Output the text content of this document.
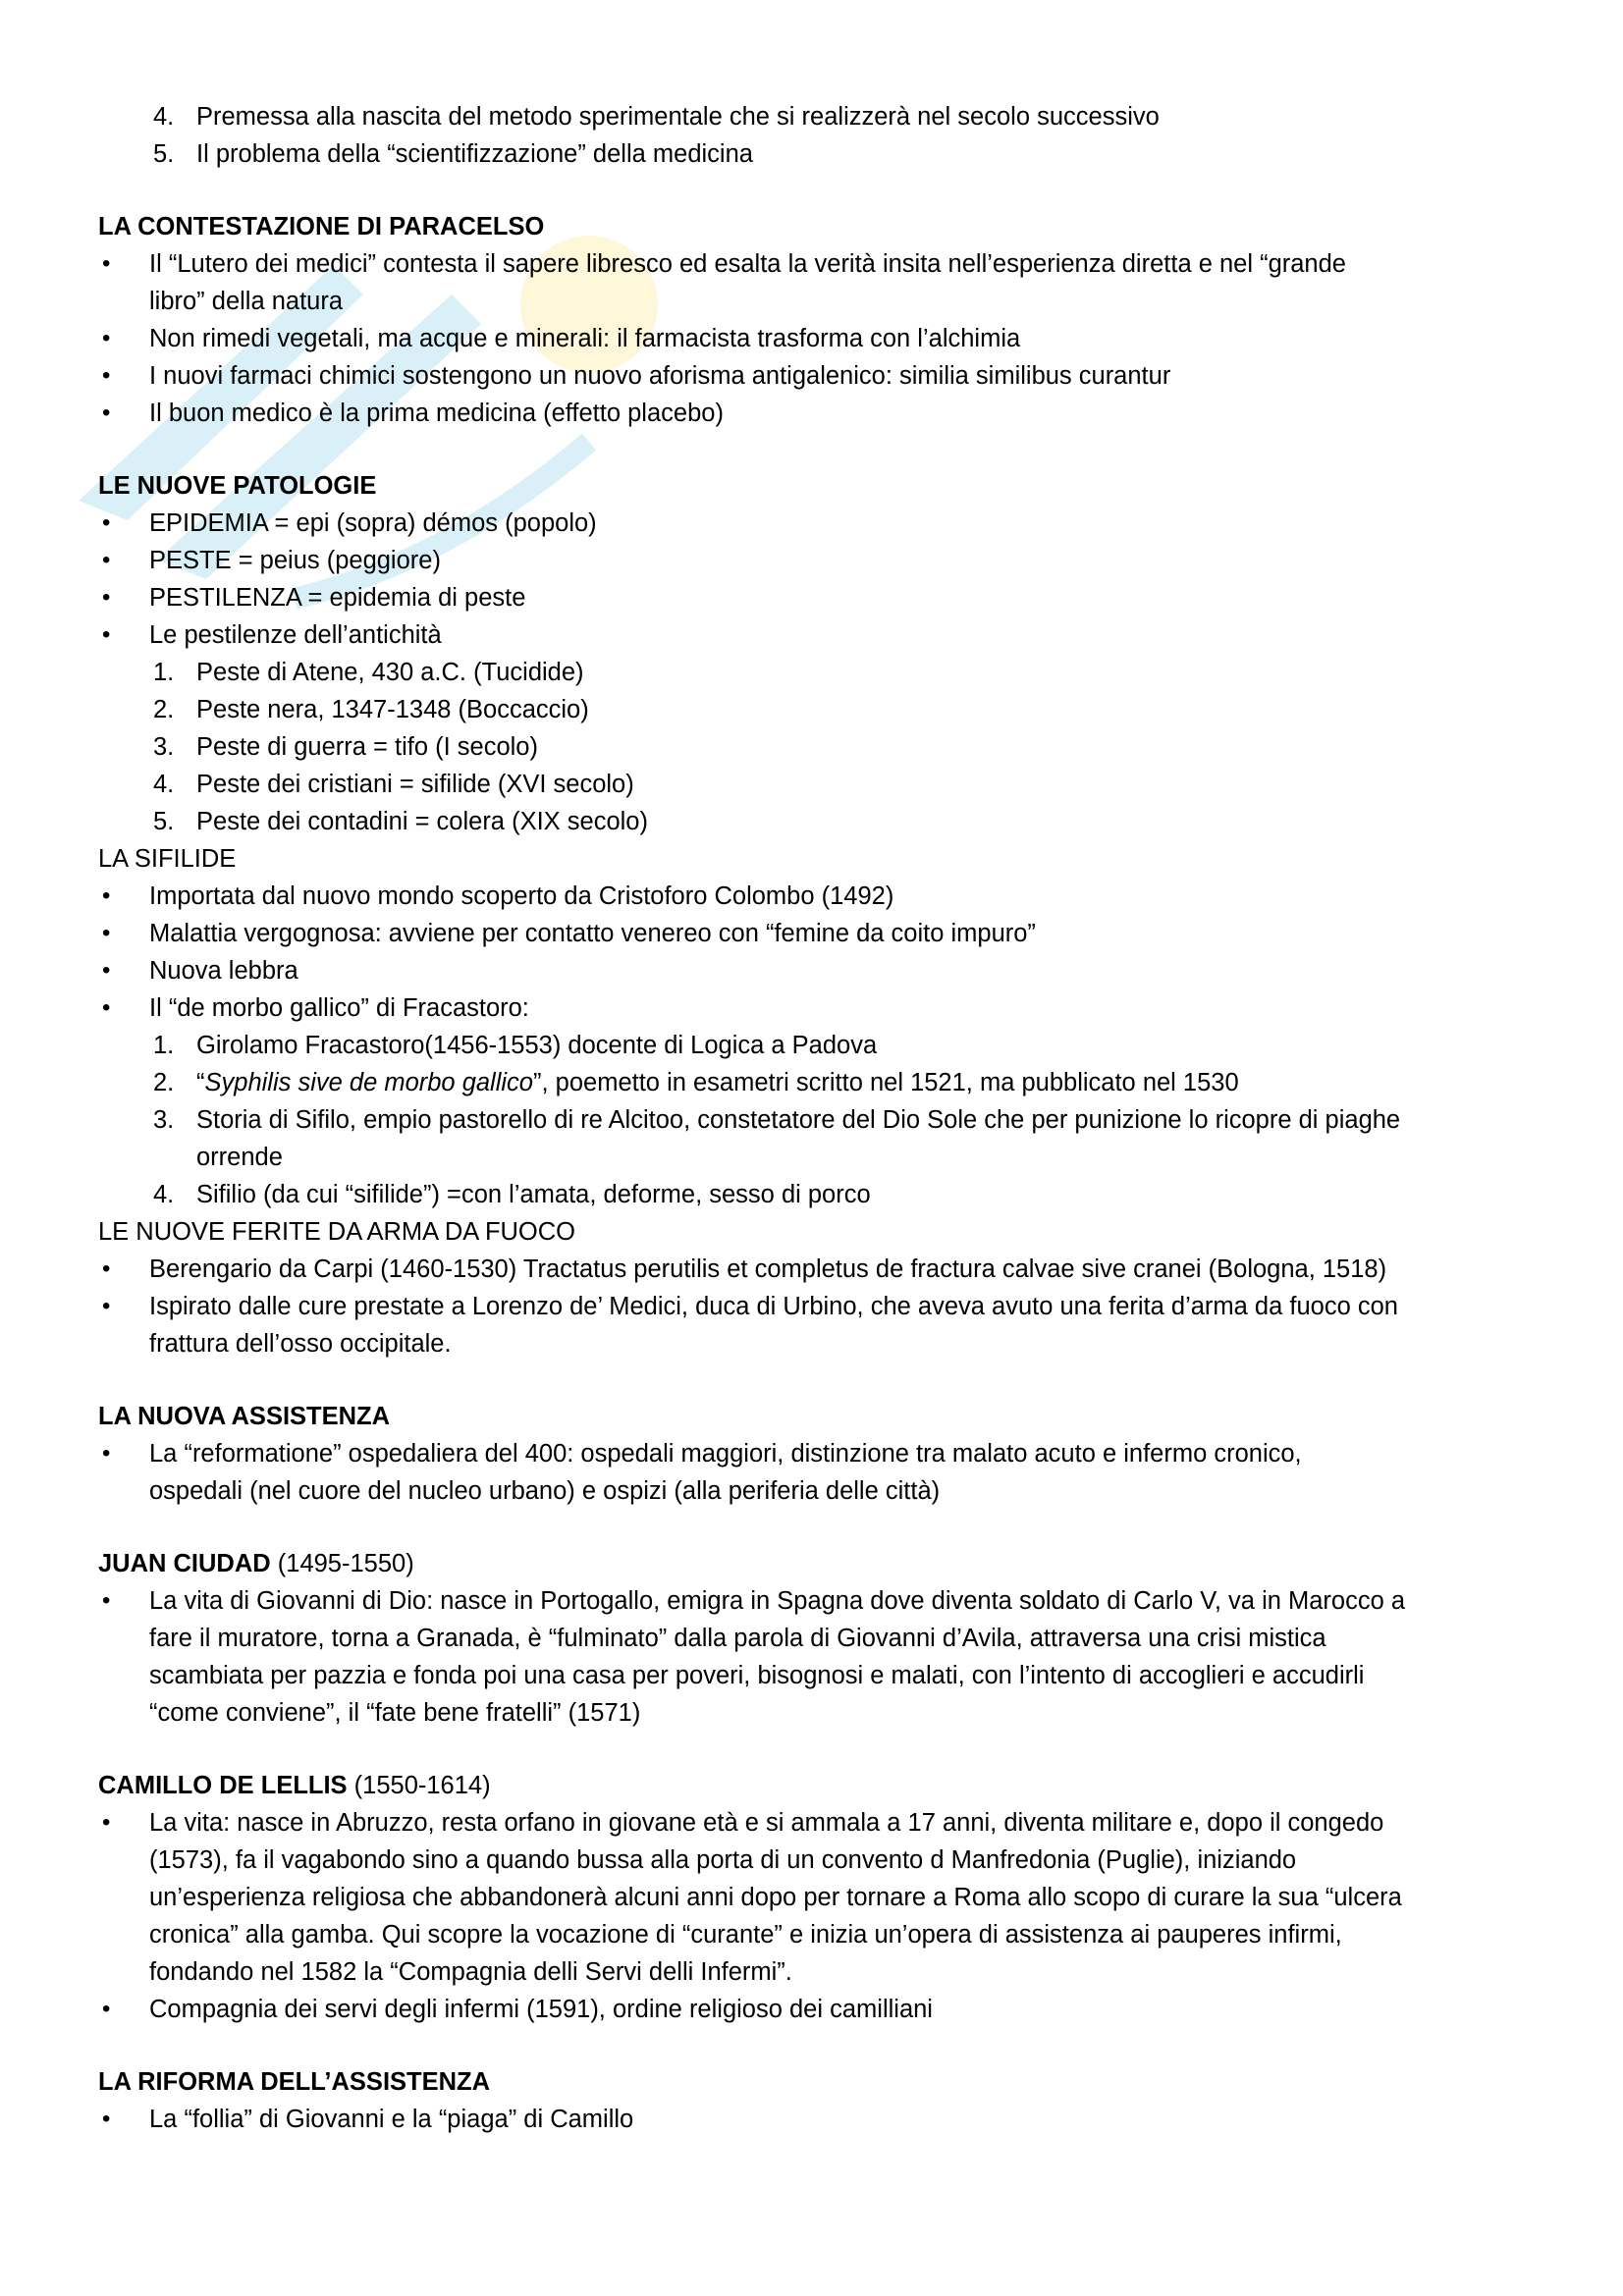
4. Premessa alla nascita del metodo sperimentale che si realizzerà nel secolo successivo
5. Il problema della “scientifizzazione” della medicina
LA CONTESTAZIONE DI PARACELSO
• Il “Lutero dei medici” contesta il sapere libresco ed esalta la verità insita nell’esperienza diretta e nel “grande
libro” della natura
• Non rimedi vegetali, ma acque e minerali: il farmacista trasforma con l’alchimia
• I nuovi farmaci chimici sostengono un nuovo aforisma antigalenico: similia similibus curantur
• Il buon medico è la prima medicina (effetto placebo)
LE NUOVE PATOLOGIE
• EPIDEMIA = epi (sopra) démos (popolo)
• PESTE = peius (peggiore)
• PESTILENZA = epidemia di peste
• Le pestilenze dell’antichità
1. Peste di Atene, 430 a.C. (Tucidide)
2. Peste nera, 1347-1348 (Boccaccio)
3. Peste di guerra = tifo (I secolo)
4. Peste dei cristiani = sifilide (XVI secolo)
5. Peste dei contadini = colera (XIX secolo)
LA SIFILIDE
• Importata dal nuovo mondo scoperto da Cristoforo Colombo (1492)
• Malattia vergognosa: avviene per contatto venereo con “femine da coito impuro”
• Nuova lebbra
• Il “de morbo gallico” di Fracastoro:
1. Girolamo Fracastoro(1456-1553) docente di Logica a Padova
2. “Syphilis sive de morbo gallico”, poemetto in esametri scritto nel 1521, ma pubblicato nel 1530
3. Storia di Sifilo, empio pastorello di re Alcitoo, constetatore del Dio Sole che per punizione lo ricopre di piaghe
orrende
4. Sifilio (da cui “sifilide”) =con l’amata, deforme, sesso di porco
LE NUOVE FERITE DA ARMA DA FUOCO
• Berengario da Carpi (1460-1530) Tractatus perutilis et completus de fractura calvae sive cranei (Bologna, 1518)
• Ispirato dalle cure prestate a Lorenzo de’ Medici, duca di Urbino, che aveva avuto una ferita d’arma da fuoco con
frattura dell’osso occipitale.
LA NUOVA ASSISTENZA
• La “reformatione” ospedaliera del 400: ospedali maggiori, distinzione tra malato acuto e infermo cronico,
ospedali (nel cuore del nucleo urbano) e ospizi (alla periferia delle città)
JUAN CIUDAD (1495-1550)
• La vita di Giovanni di Dio: nasce in Portogallo, emigra in Spagna dove diventa soldato di Carlo V, va in Marocco a
fare il muratore, torna a Granada, è “fulminato” dalla parola di Giovanni d’Avila, attraversa una crisi mistica
scambiata per pazzia e fonda poi una casa per poveri, bisognosi e malati, con l’intento di accoglieri e accudirli
“come conviene”, il “fate bene fratelli” (1571)
CAMILLO DE LELLIS (1550-1614)
• La vita: nasce in Abruzzo, resta orfano in giovane età e si ammala a 17 anni, diventa militare e, dopo il congedo
(1573), fa il vagabondo sino a quando bussa alla porta di un convento d Manfredonia (Puglie), iniziando
un’esperienza religiosa che abbandonerà alcuni anni dopo per tornare a Roma allo scopo di curare la sua “ulcera
cronica” alla gamba. Qui scopre la vocazione di “curante” e inizia un’opera di assistenza ai pauperes infirmi,
fondando nel 1582 la “Compagnia delli Servi delli Infermi”.
• Compagnia dei servi degli infermi (1591), ordine religioso dei camilliani
LA RIFORMA DELL’ASSISTENZA
• La “follia” di Giovanni e la “piaga” di Camillo
